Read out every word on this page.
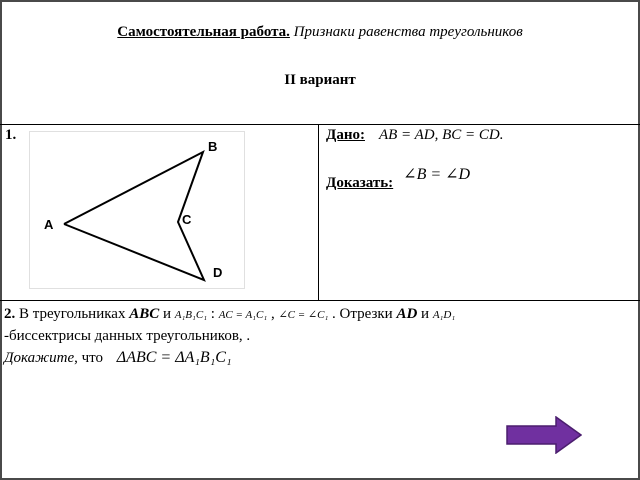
Самостоятельная работа. Признаки равенства треугольников
II вариант
1.
A
B
C
D
Дано: AB = AD, BC = CD.
Доказать: ∠B = ∠D
2. В треугольниках ABC и A₁B₁C₁ : AC = A₁C₁ , ∠C = ∠C₁ . Отрезки AD и A₁D₁
-биссектрисы данных треугольников, .
Докажите, что ΔABC = ΔA₁B₁C₁
